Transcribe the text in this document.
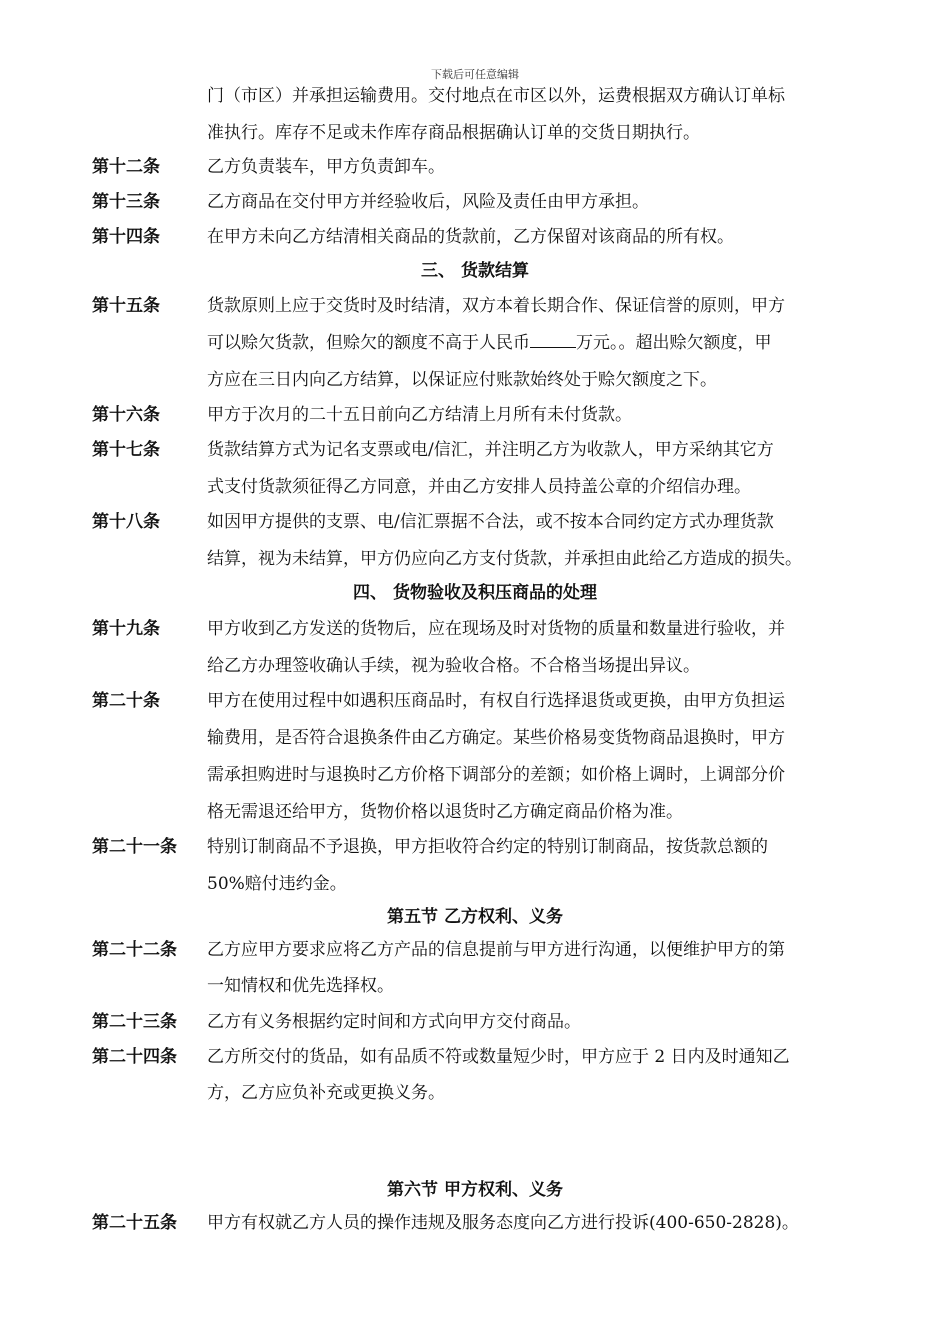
下载后可任意编辑
门（市区）并承担运输费用。交付地点在市区以外，运费根据双方确认订单标
准执行。库存不足或未作库存商品根据确认订单的交货日期执行。
第十二条	乙方负责装车，甲方负责卸车。
第十三条	乙方商品在交付甲方并经验收后，风险及责任由甲方承担。
第十四条	在甲方未向乙方结清相关商品的货款前，乙方保留对该商品的所有权。
三、 货款结算
第十五条	货款原则上应于交货时及时结清，双方本着长期合作、保证信誉的原则，甲方
可以赊欠货款，但赊欠的额度不高于人民币	万元。。超出赊欠额度，甲
方应在三日内向乙方结算，以保证应付账款始终处于赊欠额度之下。
第十六条	甲方于次月的二十五日前向乙方结清上月所有未付货款。
第十七条	货款结算方式为记名支票或电/信汇，并注明乙方为收款人，甲方采纳其它方
式支付货款须征得乙方同意，并由乙方安排人员持盖公章的介绍信办理。
第十八条	如因甲方提供的支票、电/信汇票据不合法，或不按本合同约定方式办理货款
结算，视为未结算，甲方仍应向乙方支付货款，并承担由此给乙方造成的损失。
四、 货物验收及积压商品的处理
第十九条	甲方收到乙方发送的货物后，应在现场及时对货物的质量和数量进行验收，并
给乙方办理签收确认手续，视为验收合格。不合格当场提出异议。
第二十条	甲方在使用过程中如遇积压商品时，有权自行选择退货或更换，由甲方负担运
输费用，是否符合退换条件由乙方确定。某些价格易变货物商品退换时，甲方
需承担购进时与退换时乙方价格下调部分的差额；如价格上调时，上调部分价
格无需退还给甲方，货物价格以退货时乙方确定商品价格为准。
第二十一条 特别订制商品不予退换，甲方拒收符合约定的特别订制商品，按货款总额的
50%赔付违约金。
第五节 乙方权利、义务
第二十二条 乙方应甲方要求应将乙方产品的信息提前与甲方进行沟通，以便维护甲方的第
一知情权和优先选择权。
第二十三条 乙方有义务根据约定时间和方式向甲方交付商品。
第二十四条 乙方所交付的货品，如有品质不符或数量短少时，甲方应于 2 日内及时通知乙
方，乙方应负补充或更换义务。
第六节 甲方权利、义务
第二十五条 甲方有权就乙方人员的操作违规及服务态度向乙方进行投诉(400-650-2828)。
